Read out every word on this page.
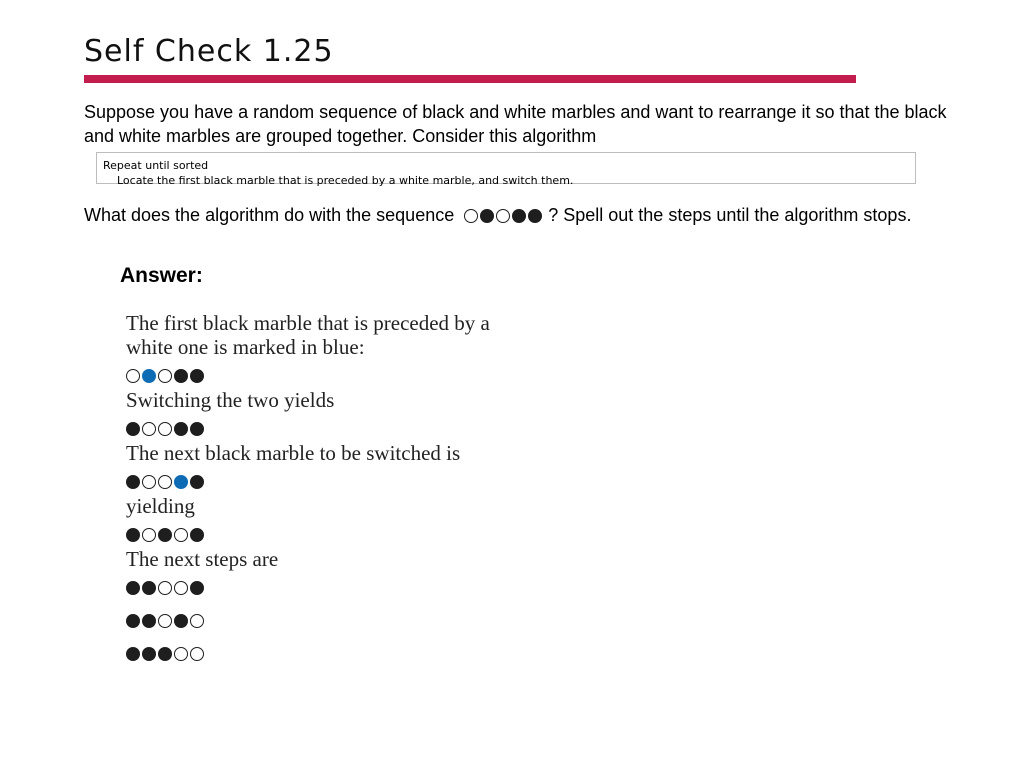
Self Check 1.25
Suppose you have a random sequence of black and white marbles and want to rearrange it so that the black and white marbles are grouped together. Consider this algorithm
Repeat until sorted
Locate the first black marble that is preceded by a white marble, and switch them.
What does the algorithm do with the sequence	? Spell out the steps until the algorithm stops.
Answer:
The first black marble that is preceded by a
white one is marked in blue:
Switching the two yields
The next black marble to be switched is
yielding
The next steps are
